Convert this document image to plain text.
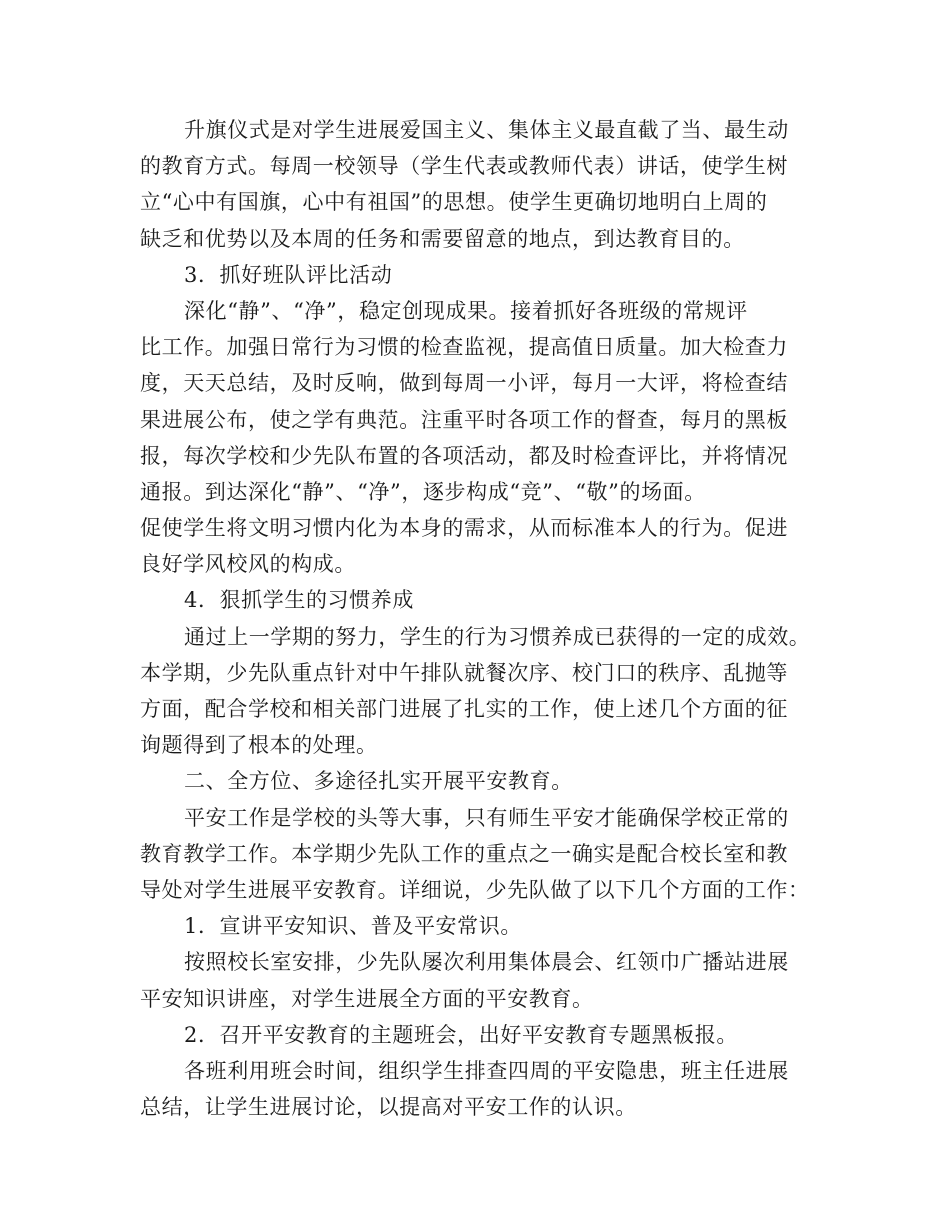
升旗仪式是对学生进展爱国主义、集体主义最直截了当、最生动
的教育方式。每周一校领导（学生代表或教师代表）讲话，使学生树
立“心中有国旗，心中有祖国”的思想。使学生更确切地明白上周的
缺乏和优势以及本周的任务和需要留意的地点，到达教育目的。
3．抓好班队评比活动
深化“静”、“净”，稳定创现成果。接着抓好各班级的常规评
比工作。加强日常行为习惯的检查监视，提高值日质量。加大检查力
度，天天总结，及时反响，做到每周一小评，每月一大评，将检查结
果进展公布，使之学有典范。注重平时各项工作的督查，每月的黑板
报，每次学校和少先队布置的各项活动，都及时检查评比，并将情况
通报。到达深化“静”、“净”，逐步构成“竞”、“敬”的场面。
促使学生将文明习惯内化为本身的需求，从而标准本人的行为。促进
良好学风校风的构成。
4．狠抓学生的习惯养成
通过上一学期的努力，学生的行为习惯养成已获得的一定的成效。
本学期，少先队重点针对中午排队就餐次序、校门口的秩序、乱抛等
方面，配合学校和相关部门进展了扎实的工作，使上述几个方面的征
询题得到了根本的处理。
二、全方位、多途径扎实开展平安教育。
平安工作是学校的头等大事，只有师生平安才能确保学校正常的
教育教学工作。本学期少先队工作的重点之一确实是配合校长室和教
导处对学生进展平安教育。详细说，少先队做了以下几个方面的工作：
1．宣讲平安知识、普及平安常识。
按照校长室安排，少先队屡次利用集体晨会、红领巾广播站进展
平安知识讲座，对学生进展全方面的平安教育。
2．召开平安教育的主题班会，出好平安教育专题黑板报。
各班利用班会时间，组织学生排查四周的平安隐患，班主任进展
总结，让学生进展讨论，以提高对平安工作的认识。
